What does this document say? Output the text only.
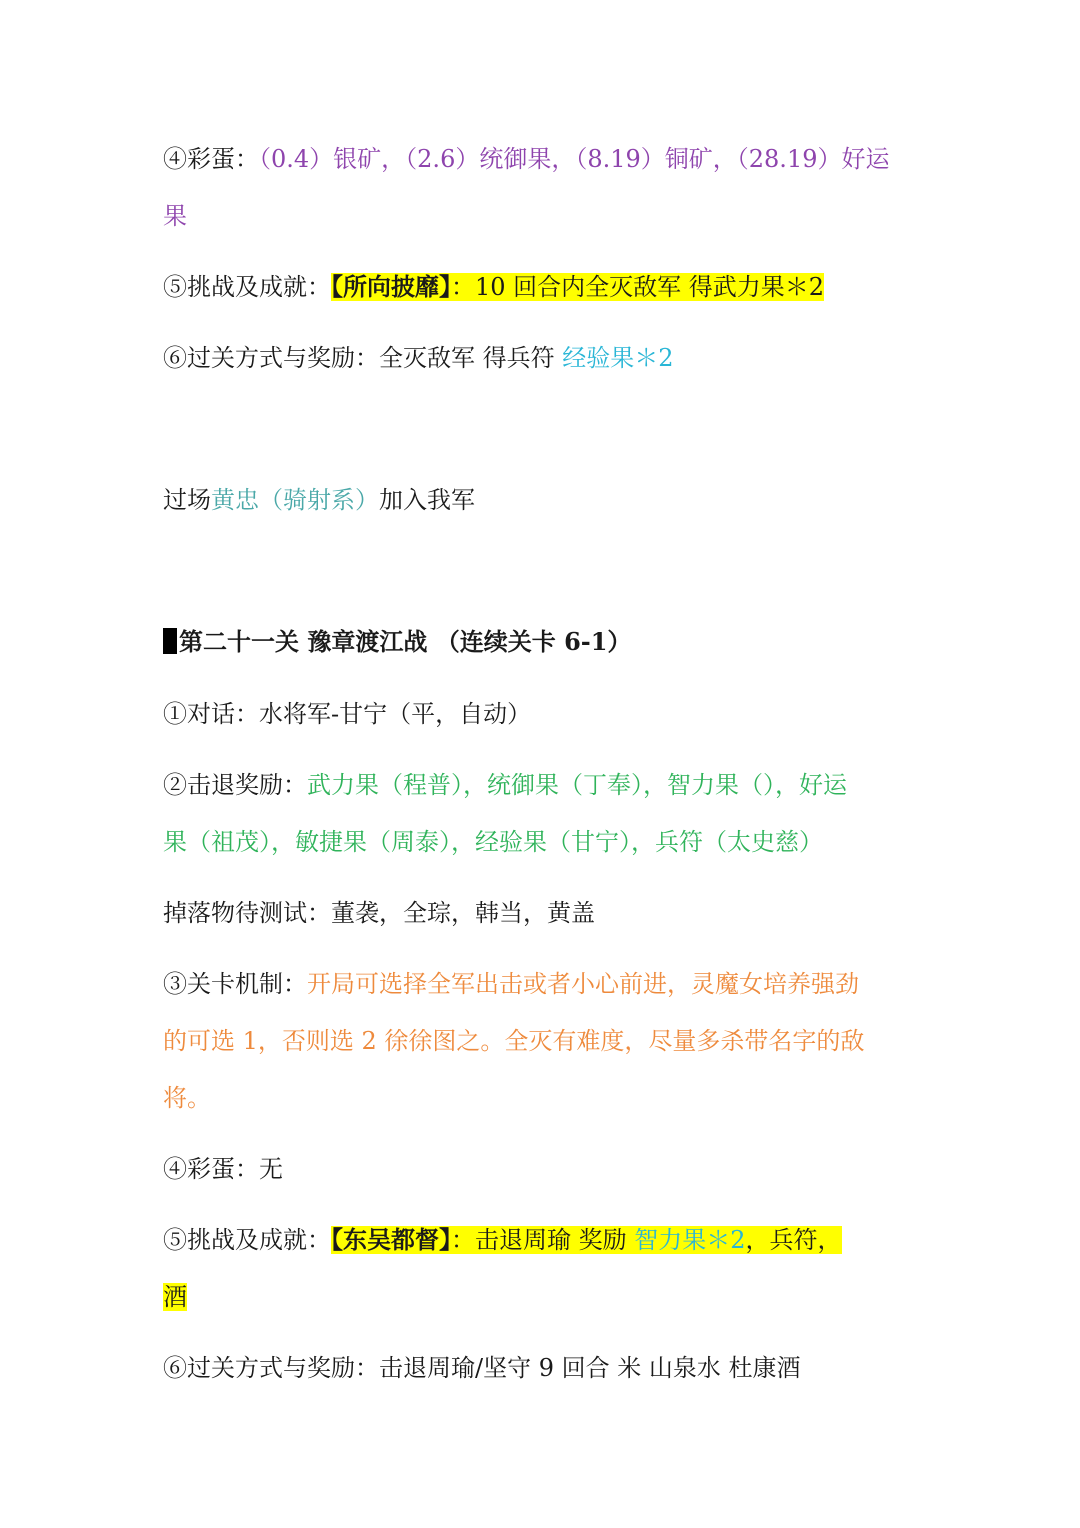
④彩蛋：（0.4）银矿，（2.6）统御果，（8.19）铜矿，（28.19）好运
果
⑤挑战及成就：【所向披靡】：10 回合内全灭敌军 得武力果＊2
⑥过关方式与奖励：全灭敌军 得兵符 经验果＊2
过场黄忠（骑射系）加入我军
第二十一关 豫章渡江战 （连续关卡 6-1）
①对话：水将军-甘宁（平，自动）
②击退奖励：武力果（程普），统御果（丁奉），智力果（），好运
果（祖茂），敏捷果（周泰），经验果（甘宁），兵符（太史慈）
掉落物待测试：董袭，全琮，韩当，黄盖
③关卡机制：开局可选择全军出击或者小心前进，灵魔女培养强劲
的可选 1，否则选 2 徐徐图之。全灭有难度，尽量多杀带名字的敌
将。
④彩蛋：无
⑤挑战及成就：【东吴都督】：击退周瑜 奖励 智力果＊2，兵符，
酒
⑥过关方式与奖励：击退周瑜/坚守 9 回合 米 山泉水 杜康酒
